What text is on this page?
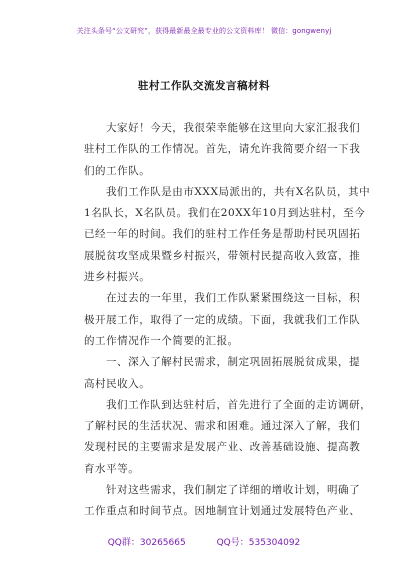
关注头条号“公文研究”，获得最新最全最专业的公文资料库！ 微信：gongwenyj
驻村工作队交流发言稿材料
大家好！今天，我很荣幸能够在这里向大家汇报我们
驻村工作队的工作情况。首先，请允许我简要介绍一下我
们的工作队。
我们工作队是由市XXX局派出的，共有X名队员，其中
1名队长，X名队员。我们在20XX年10月到达驻村，至今
已经一年的时间。我们的驻村工作任务是帮助村民巩固拓
展脱贫攻坚成果暨乡村振兴，带领村民提高收入致富，推
进乡村振兴。
在过去的一年里，我们工作队紧紧围绕这一目标，积
极开展工作，取得了一定的成绩。下面，我就我们工作队
的工作情况作一个简要的汇报。
一、深入了解村民需求，制定巩固拓展脱贫成果，提
高村民收入。
我们工作队到达驻村后，首先进行了全面的走访调研，
了解村民的生活状况、需求和困难。通过深入了解，我们
发现村民的主要需求是发展产业、改善基础设施、提高教
育水平等。
针对这些需求，我们制定了详细的增收计划，明确了
工作重点和时间节点。因地制宜计划通过发展特色产业、
QQ群：30265665	QQ号：535304092
